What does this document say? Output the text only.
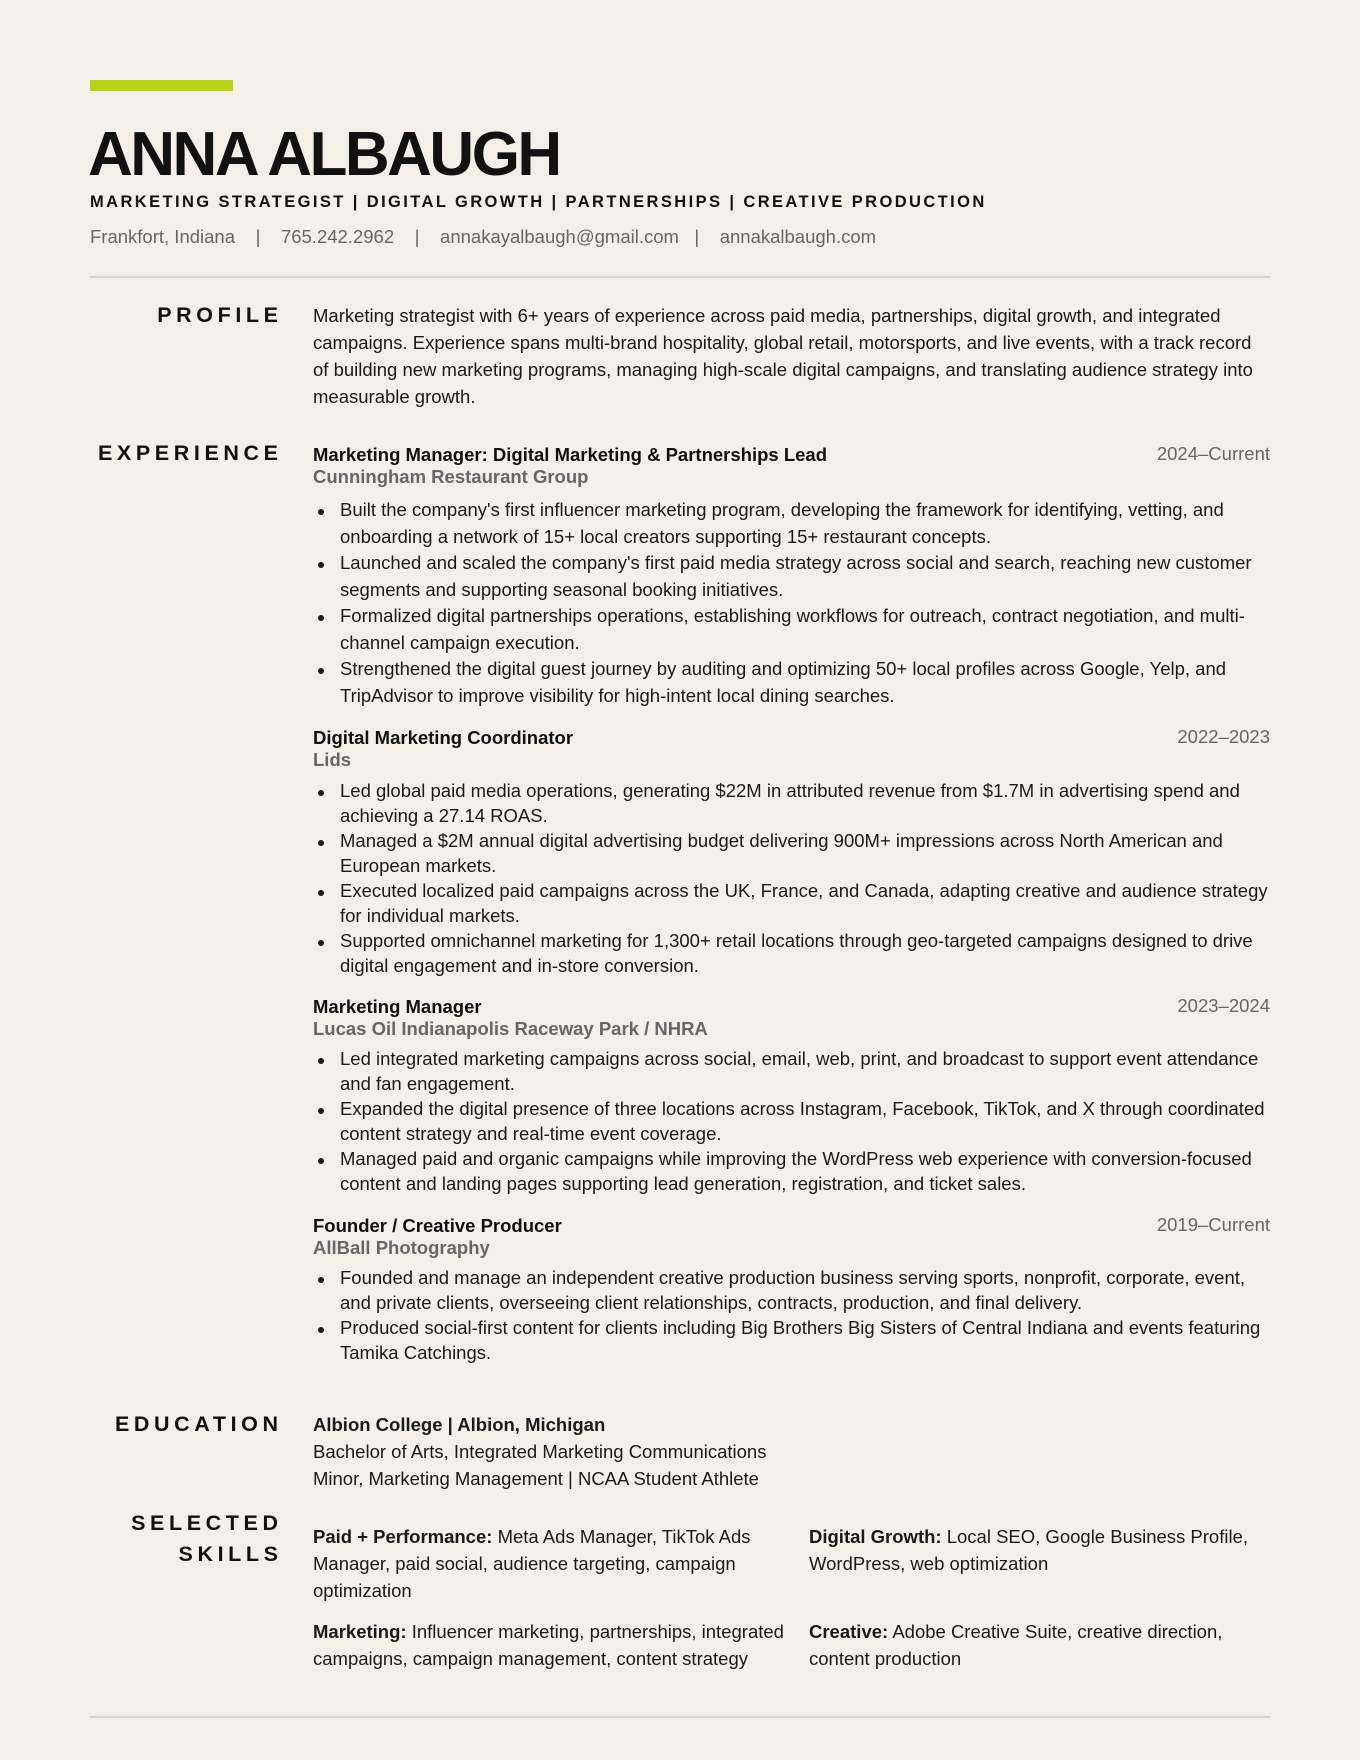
ANNA ALBAUGH
MARKETING STRATEGIST | DIGITAL GROWTH | PARTNERSHIPS | CREATIVE PRODUCTION
Frankfort, Indiana | 765.242.2962 | annakayalbaugh@gmail.com | annakalbaugh.com
PROFILE Marketing strategist with 6+ years of experience across paid media, partnerships, digital growth, and integrated campaigns. Experience spans multi-brand hospitality, global retail, motorsports, and live events, with a track record of building new marketing programs, managing high-scale digital campaigns, and translating audience strategy into measurable growth.

EXPERIENCE Marketing Manager: Digital Marketing & Partnerships Lead	2024–Current
Cunningham Restaurant Group
Built the company's first influencer marketing program, developing the framework for identifying, vetting, and onboarding a network of 15+ local creators supporting 15+ restaurant concepts.
Launched and scaled the company's first paid media strategy across social and search, reaching new customer segments and supporting seasonal booking initiatives.
Formalized digital partnerships operations, establishing workflows for outreach, contract negotiation, and multi-channel campaign execution.
Strengthened the digital guest journey by auditing and optimizing 50+ local profiles across Google, Yelp, and TripAdvisor to improve visibility for high-intent local dining searches.
Digital Marketing Coordinator	2022–2023
Lids
Led global paid media operations, generating $22M in attributed revenue from $1.7M in advertising spend and achieving a 27.14 ROAS.
Managed a $2M annual digital advertising budget delivering 900M+ impressions across North American and European markets.
Executed localized paid campaigns across the UK, France, and Canada, adapting creative and audience strategy for individual markets.
Supported omnichannel marketing for 1,300+ retail locations through geo-targeted campaigns designed to drive digital engagement and in-store conversion.
Marketing Manager	2023–2024
Lucas Oil Indianapolis Raceway Park / NHRA
Led integrated marketing campaigns across social, email, web, print, and broadcast to support event attendance and fan engagement.
Expanded the digital presence of three locations across Instagram, Facebook, TikTok, and X through coordinated content strategy and real-time event coverage.
Managed paid and organic campaigns while improving the WordPress web experience with conversion-focused content and landing pages supporting lead generation, registration, and ticket sales.
Founder / Creative Producer	2019–Current
AllBall Photography
Founded and manage an independent creative production business serving sports, nonprofit, corporate, event, and private clients, overseeing client relationships, contracts, production, and final delivery.
Produced social-first content for clients including Big Brothers Big Sisters of Central Indiana and events featuring Tamika Catchings.
EDUCATION Albion College | Albion, Michigan
Bachelor of Arts, Integrated Marketing Communications
Minor, Marketing Management | NCAA Student Athlete
SELECTED
SKILLS
Paid + Performance: Meta Ads Manager, TikTok Ads Manager, paid social, audience targeting, campaign optimization
Digital Growth: Local SEO, Google Business Profile, WordPress, web optimization
Marketing: Influencer marketing, partnerships, integrated campaigns, campaign management, content strategy
Creative: Adobe Creative Suite, creative direction, content production
